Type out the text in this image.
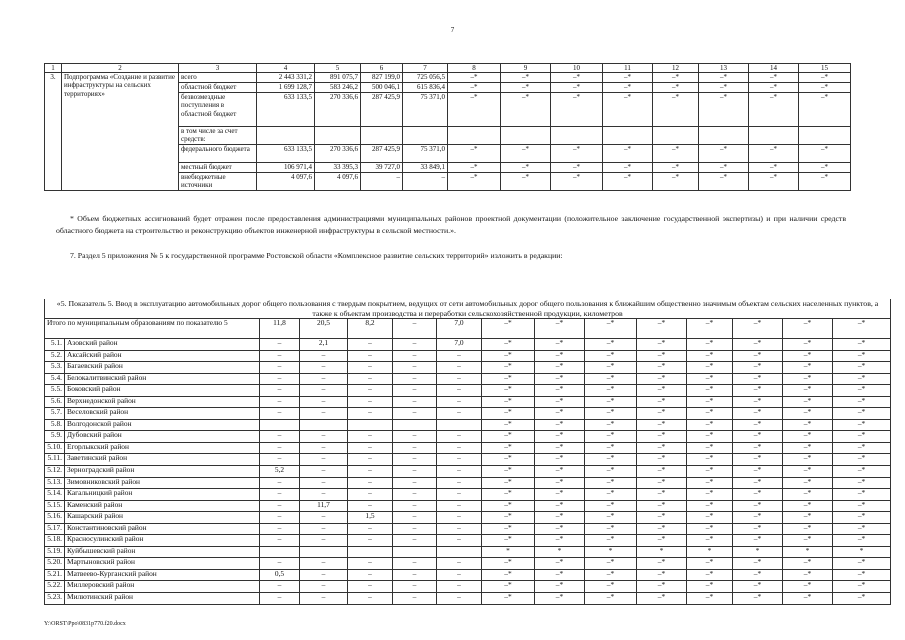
7
1	2	3	4	5	6	7	8	9	10	11	12	13	14	15
3.	Подпрограмма «Создание и развитие инфраструктуры на сельских территориях»	всего	2 443 331,2	891 075,7	827 199,0	725 056,5	–*	–*	–*	–*	–*	–*	–*	–*
		областной бюджет	1 699 128,7	583 246,2	500 046,1	615 836,4	–*	–*	–*	–*	–*	–*	–*	–*
		безвозмездные поступления в областной бюджет	633 133,5	270 336,6	287 425,9	75 371,0	–*	–*	–*	–*	–*	–*	–*	–*
		в том числе за счет средств:												
		федерального бюджета	633 133,5	270 336,6	287 425,9	75 371,0	–*	–*	–*	–*	–*	–*	–*	–*
		местный бюджет	106 971,4	33 395,3	39 727,0	33 849,1	–*	–*	–*	–*	–*	–*	–*	–*
		внебюджетные источники	4 097,6	4 097,6	–	–	–*	–*	–*	–*	–*	–*	–*	–*
* Объем бюджетных ассигнований будет отражен после предоставления администрациями муниципальных районов проектной документации (положительное заключение государственной экспертизы) и при наличии средств областного бюджета на строительство и реконструкцию объектов инженерной инфраструктуры в сельской местности.».
7. Раздел 5 приложения № 5 к государственной программе Ростовской области «Комплексное развитие сельских территорий» изложить в редакции:
«5. Показатель 5. Ввод в эксплуатацию автомобильных дорог общего пользования с твердым покрытием, ведущих от сети автомобильных дорог общего пользования к ближайшим общественно значимым объектам сельских населенных пунктов, а также к объектам производства и переработки сельскохозяйственной продукции, километров														
Итого по муниципальным образованиям по показателю 5		11,8	20,5	8,2	–	7,0	–*	–*	–*	–*	–*	–*	–*	–*
5.1.	Азовский район	–	2,1	–	–	7,0	–*	–*	–*	–*	–*	–*	–*	–*
5.2.	Аксайский район	–	–	–	–	–	–*	–*	–*	–*	–*	–*	–*	–*
5.3.	Багаевский район	–	–	–	–	–	–*	–*	–*	–*	–*	–*	–*	–*
5.4.	Белокалитвинский район	–	–	–	–	–	–*	–*	–*	–*	–*	–*	–*	–*
5.5.	Боковский район	–	–	–	–	–	–*	–*	–*	–*	–*	–*	–*	–*
5.6.	Верхнедонской район	–	–	–	–	–	–*	–*	–*	–*	–*	–*	–*	–*
5.7.	Веселовский район	–	–	–	–	–	–*	–*	–*	–*	–*	–*	–*	–*
5.8.	Волгодонской район						–*	–*	–*	–*	–*	–*	–*	–*
5.9.	Дубовский район	–	–	–	–	–	–*	–*	–*	–*	–*	–*	–*	–*
5.10.	Егорлыкский район	–	–	–	–	–	–*	–*	–*	–*	–*	–*	–*	–*
5.11.	Заветинский район	–	–	–	–	–	–*	–*	–*	–*	–*	–*	–*	–*
5.12.	Зерноградский район	5,2	–	–	–	–	–*	–*	–*	–*	–*	–*	–*	–*
5.13.	Зимовниковский район	–	–	–	–	–	–*	–*	–*	–*	–*	–*	–*	–*
5.14.	Кагальницкий район	–	–	–	–	–	–*	–*	–*	–*	–*	–*	–*	–*
5.15.	Каменский район	–	11,7	–	–	–	–*	–*	–*	–*	–*	–*	–*	–*
5.16.	Кашарский район	–	–	1,5	–	–	–*	–*	–*	–*	–*	–*	–*	–*
5.17.	Константиновский район	–	–	–	–	–	–*	–*	–*	–*	–*	–*	–*	–*
5.18.	Красносулинский район	–	–	–	–	–	–*	–*	–*	–*	–*	–*	–*	–*
5.19.	Куйбышевский район						*	*	*	*	*	*	*	*
5.20.	Мартыновский район	–	–	–	–	–	–*	–*	–*	–*	–*	–*	–*	–*
5.21.	Матвеево-Курганский район	0,5	–	–	–	–	–*	–*	–*	–*	–*	–*	–*	–*
5.22.	Миллеровский район	–	–	–	–	–	–*	–*	–*	–*	–*	–*	–*	–*
5.23.	Милютинский район	–	–	–	–	–	–*	–*	–*	–*	–*	–*	–*	–*
Y:\ORST\Ppo\0831p770.f20.docx
